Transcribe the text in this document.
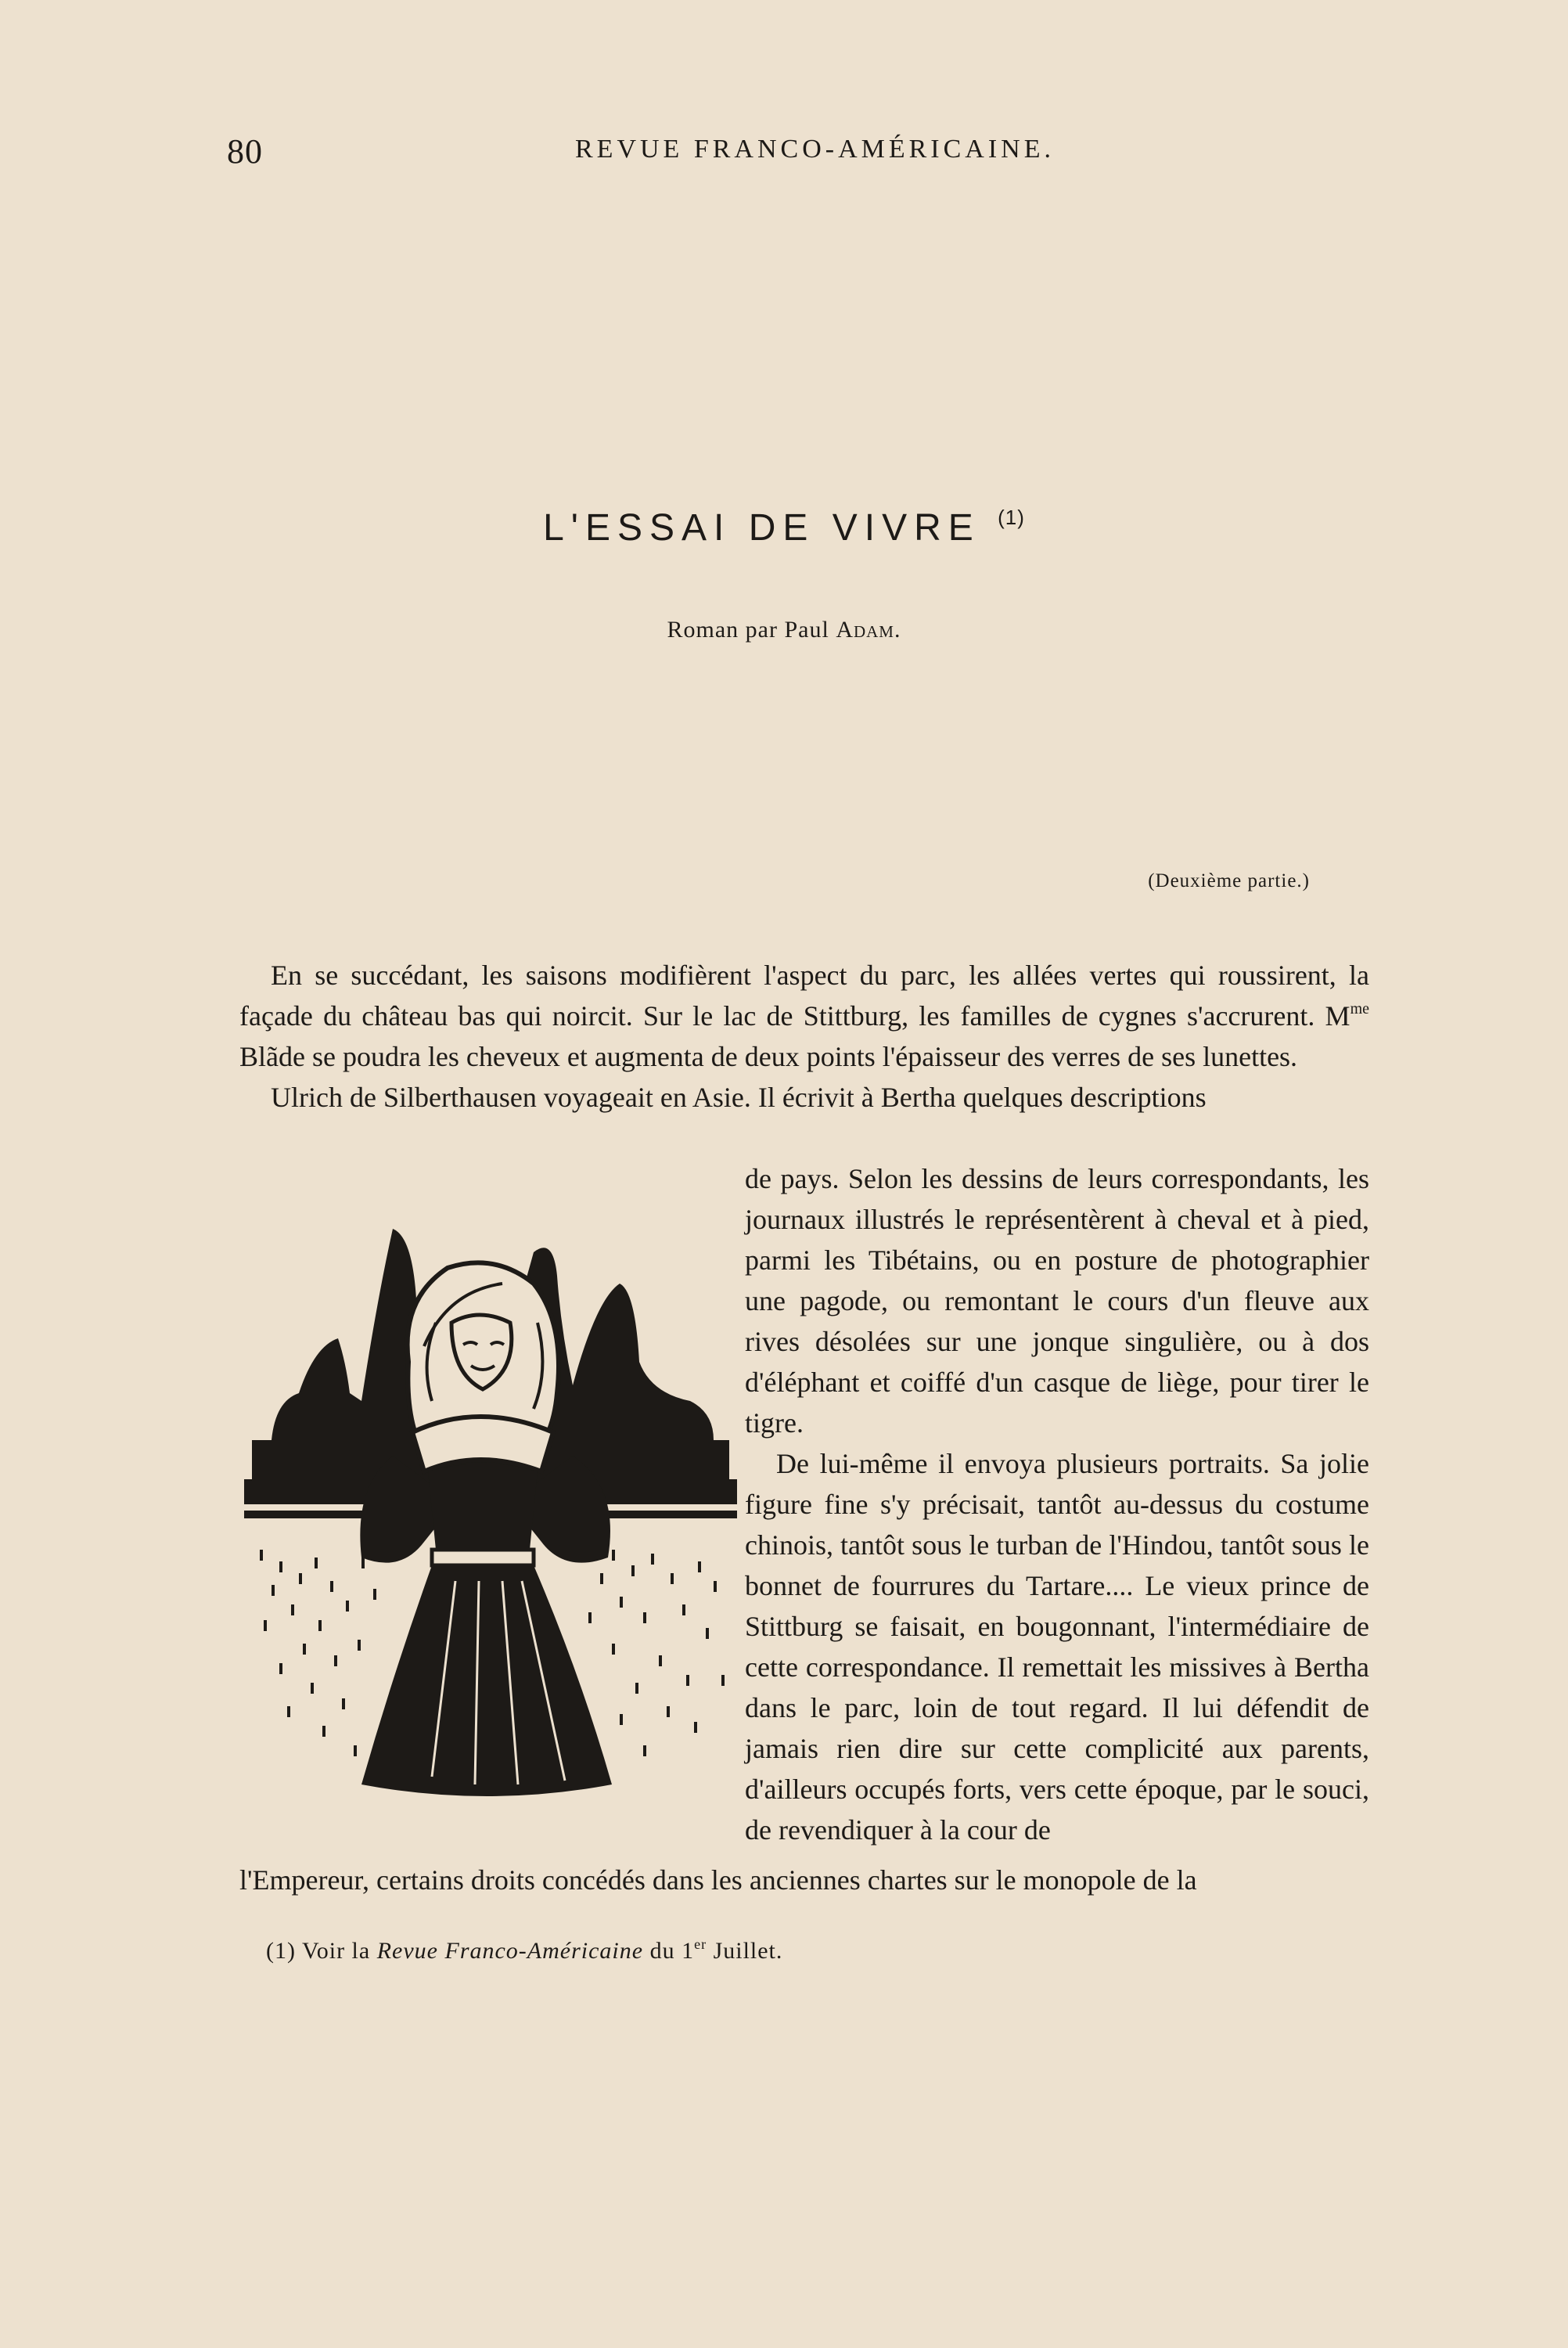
80	REVUE FRANCO-AMÉRICAINE.
L'ESSAI DE VIVRE $^{(1)}$
Roman par Paul Adam.
(Deuxième partie.)

En se succédant, les saisons modifièrent l'aspect du parc, les allées vertes qui roussirent, la façade du château bas qui noircit. Sur le lac de Stittburg, les familles de cygnes s'accrurent. $M^{me}$ Blãde se poudra les cheveux et augmenta de deux points l'épaisseur des verres de ses lunettes.

Ulrich de Silberthausen voyageait en Asie. Il écrivit à Bertha quelques descriptions

de pays. Selon les dessins de leurs correspondants, les journaux illustrés le représentèrent à cheval et à pied, parmi les Tibétains, ou en posture de photographier une pagode, ou remontant le cours d'un fleuve aux rives désolées sur une jonque singulière, ou à dos d'éléphant et coiffé d'un casque de liège, pour tirer le tigre.

De lui-même il envoya plusieurs portraits. Sa jolie figure fine s'y précisait, tantôt au-dessus du costume chinois, tantôt sous le turban de l'Hindou, tantôt sous le bonnet de fourrures du Tartare.... Le vieux prince de Stittburg se faisait, en bougonnant, l'intermédiaire de cette correspondance. Il remettait les missives à Bertha dans le parc, loin de tout regard. Il lui défendit de jamais rien dire sur cette complicité aux parents, d'ailleurs occupés forts, vers cette époque, par le souci, de revendiquer à la cour de

l'Empereur, certains droits concédés dans les anciennes chartes sur le monopole de la

(1) Voir la Revue Franco-Américaine du 1er Juillet.
